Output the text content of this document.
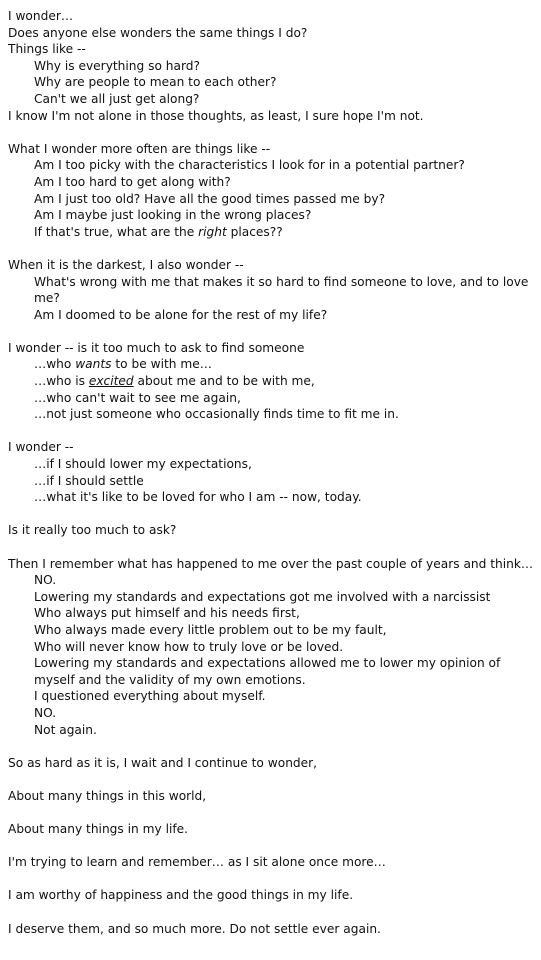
I wonder…

Does anyone else wonders the same things I do?

Things like --

Why is everything so hard?

Why are people to mean to each other?

Can't we all just get along?

I know I'm not alone in those thoughts, as least, I sure hope I'm not.

What I wonder more often are things like --

Am I too picky with the characteristics I look for in a potential partner?

Am I too hard to get along with?

Am I just too old? Have all the good times passed me by?

Am I maybe just looking in the wrong places?

If that's true, what are the right places??

When it is the darkest, I also wonder --

What's wrong with me that makes it so hard to find someone to love, and to love me?

Am I doomed to be alone for the rest of my life?

I wonder -- is it too much to ask to find someone

…who wants to be with me…

…who is excited about me and to be with me,

…who can't wait to see me again,

…not just someone who occasionally finds time to fit me in.

I wonder --

…if I should lower my expectations,

…if I should settle

…what it's like to be loved for who I am -- now, today.

Is it really too much to ask?

Then I remember what has happened to me over the past couple of years and think…

NO.

Lowering my standards and expectations got me involved with a narcissist

Who always put himself and his needs first,

Who always made every little problem out to be my fault,

Who will never know how to truly love or be loved.

Lowering my standards and expectations allowed me to lower my opinion of myself and the validity of my own emotions.

I questioned everything about myself.

NO.

Not again.

So as hard as it is, I wait and I continue to wonder,

About many things in this world,

About many things in my life.

I'm trying to learn and remember… as I sit alone once more…

I am worthy of happiness and the good things in my life.

I deserve them, and so much more. Do not settle ever again.
